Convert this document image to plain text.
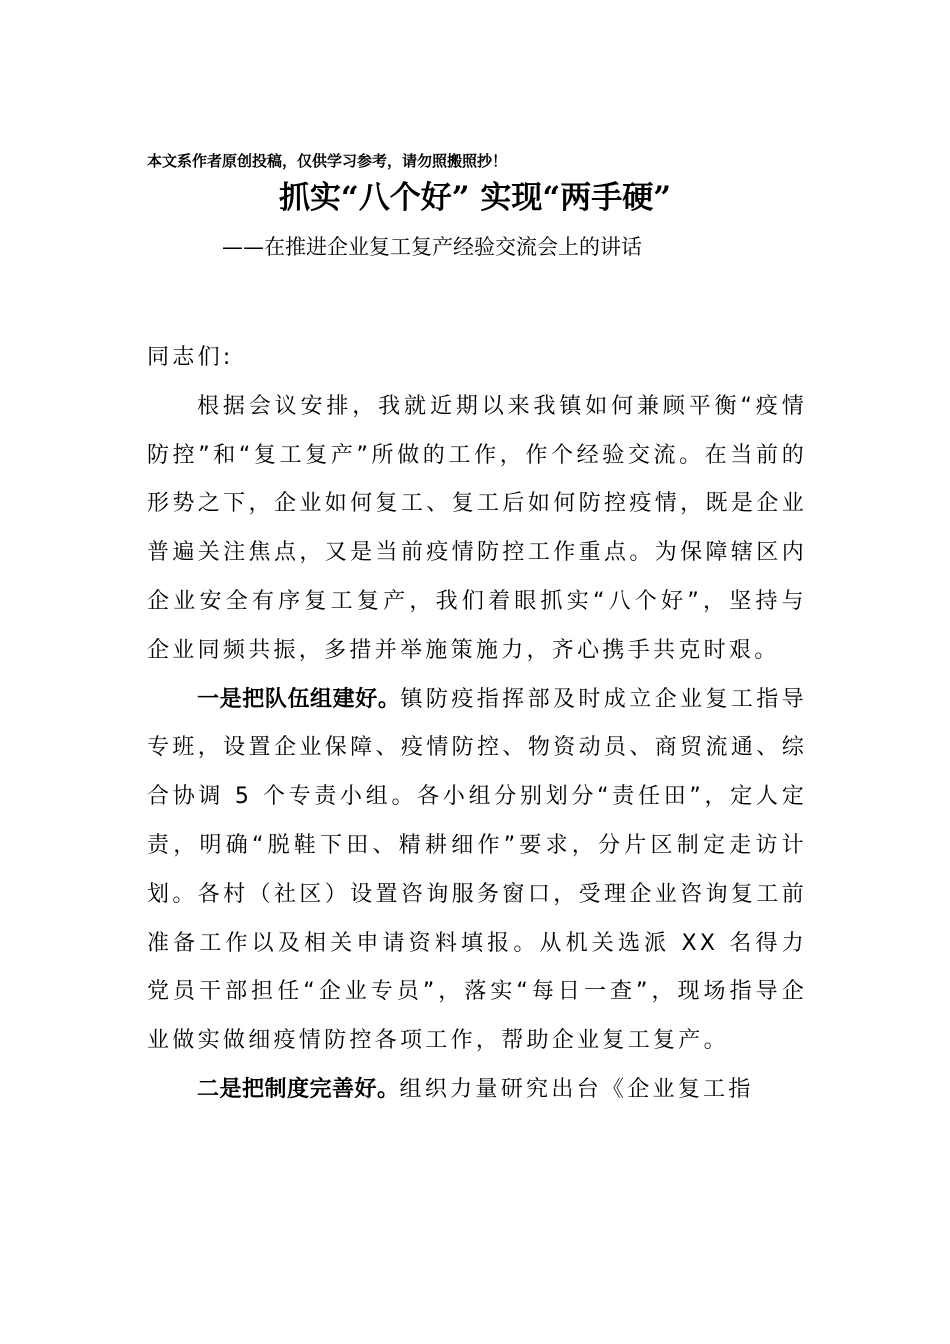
本文系作者原创投稿，仅供学习参考，请勿照搬照抄！
抓实“八个好” 实现“两手硬”
——在推进企业复工复产经验交流会上的讲话

同志们:

根据会议安排，我就近期以来我镇如何兼顾平衡“疫情防控”和“复工复产”所做的工作，作个经验交流。在当前的形势之下，企业如何复工、复工后如何防控疫情，既是企业普遍关注焦点，又是当前疫情防控工作重点。为保障辖区内企业安全有序复工复产，我们着眼抓实“八个好”，坚持与企业同频共振，多措并举施策施力，齐心携手共克时艰。

一是把队伍组建好。镇防疫指挥部及时成立企业复工指导专班，设置企业保障、疫情防控、物资动员、商贸流通、综合协调 5 个专责小组。各小组分别划分“责任田”，定人定责，明确“脱鞋下田、精耕细作”要求，分片区制定走访计划。各村（社区）设置咨询服务窗口，受理企业咨询复工前准备工作以及相关申请资料填报。从机关选派 XX 名得力党员干部担任“企业专员”，落实“每日一查”，现场指导企业做实做细疫情防控各项工作，帮助企业复工复产。

二是把制度完善好。组织力量研究出台《企业复工指
